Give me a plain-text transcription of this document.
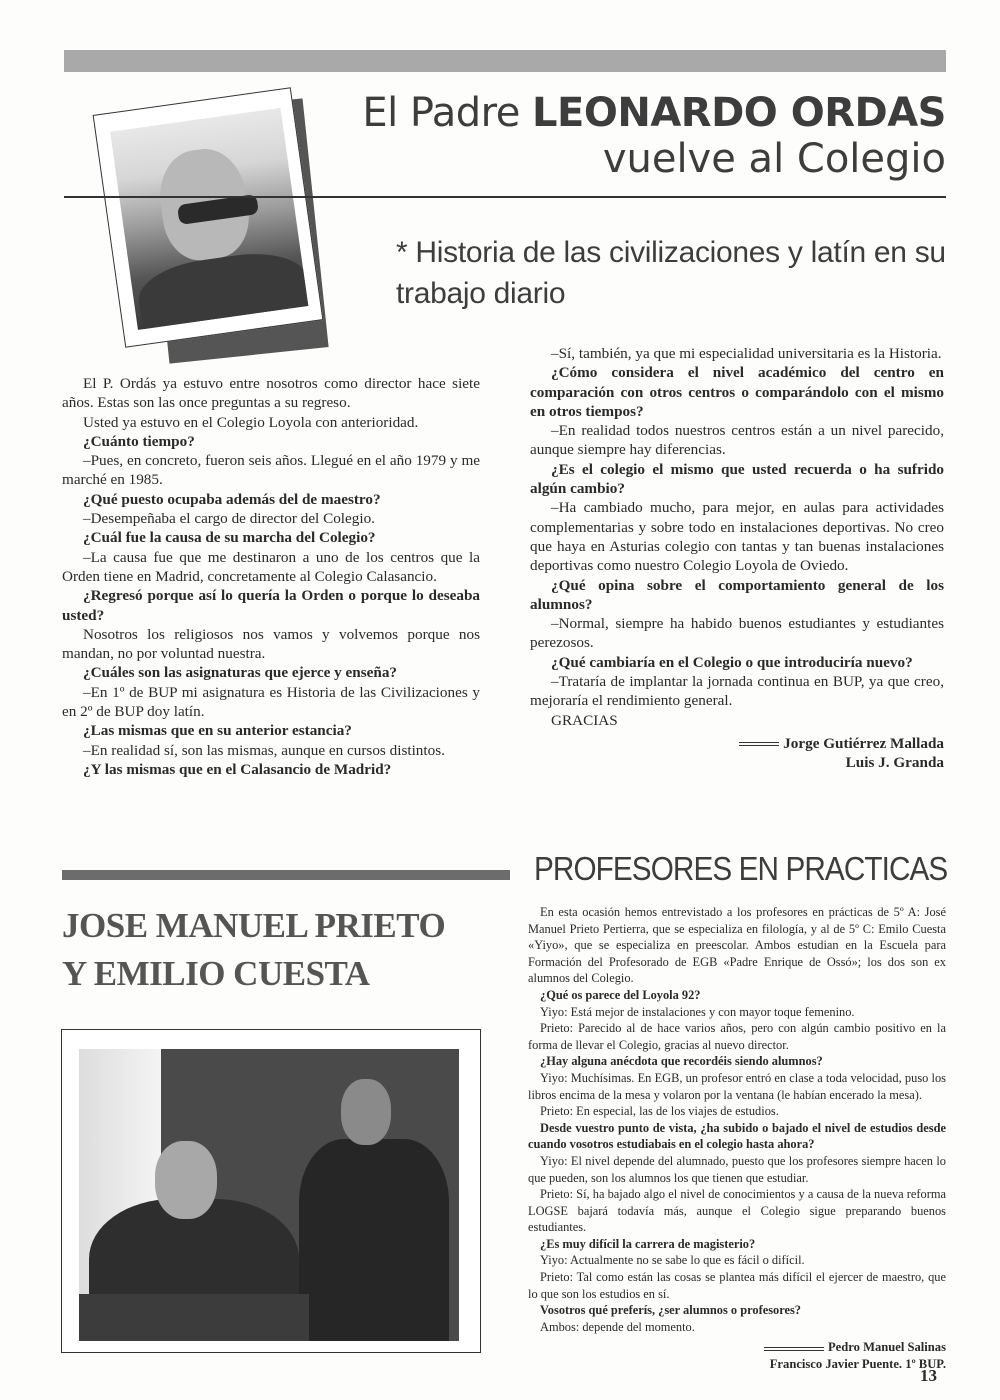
El Padre LEONARDO ORDAS
vuelve al Colegio
* Historia de las civilizaciones y latín en su trabajo diario

El P. Ordás ya estuvo entre nosotros como director hace siete años. Estas son las once preguntas a su regreso.

Usted ya estuvo en el Colegio Loyola con anterioridad.

¿Cuánto tiempo?

–Pues, en concreto, fueron seis años. Llegué en el año 1979 y me marché en 1985.

¿Qué puesto ocupaba además del de maestro?

–Desempeñaba el cargo de director del Colegio.

¿Cuál fue la causa de su marcha del Colegio?

–La causa fue que me destinaron a uno de los centros que la Orden tiene en Madrid, concretamente al Colegio Calasancio.

¿Regresó porque así lo quería la Orden o porque lo deseaba usted?

Nosotros los religiosos nos vamos y volvemos porque nos mandan, no por voluntad nuestra.

¿Cuáles son las asignaturas que ejerce y enseña?

–En 1º de BUP mi asignatura es Historia de las Civilizaciones y en 2º de BUP doy latín.

¿Las mismas que en su anterior estancia?

–En realidad sí, son las mismas, aunque en cursos distintos.

¿Y las mismas que en el Calasancio de Madrid?

–Sí, también, ya que mi especialidad universitaria es la Historia.

¿Cómo considera el nivel académico del centro en comparación con otros centros o comparándolo con el mismo en otros tiempos?

–En realidad todos nuestros centros están a un nivel parecido, aunque siempre hay diferencias.

¿Es el colegio el mismo que usted recuerda o ha sufrido algún cambio?

–Ha cambiado mucho, para mejor, en aulas para actividades complementarias y sobre todo en instalaciones deportivas. No creo que haya en Asturias colegio con tantas y tan buenas instalaciones deportivas como nuestro Colegio Loyola de Oviedo.

¿Qué opina sobre el comportamiento general de los alumnos?

–Normal, siempre ha habido buenos estudiantes y estudiantes perezosos.

¿Qué cambiaría en el Colegio o que introduciría nuevo?

–Trataría de implantar la jornada continua en BUP, ya que creo, mejoraría el rendimiento general.

GRACIAS

Jorge Gutiérrez Mallada

Luis J. Granda

JOSE MANUEL PRIETO
Y EMILIO CUESTA
PROFESORES EN PRACTICAS

En esta ocasión hemos entrevistado a los profesores en prácticas de 5º A: José Manuel Prieto Pertierra, que se especializa en filología, y al de 5º C: Emilo Cuesta «Yiyo», que se especializa en preescolar. Ambos estudian en la Escuela para Formación del Profesorado de EGB «Padre Enrique de Ossó»; los dos son ex alumnos del Colegio.

¿Qué os parece del Loyola 92?

Yiyo: Está mejor de instalaciones y con mayor toque femenino.

Prieto: Parecido al de hace varios años, pero con algún cambio positivo en la forma de llevar el Colegio, gracias al nuevo director.

¿Hay alguna anécdota que recordéis siendo alumnos?

Yiyo: Muchísimas. En EGB, un profesor entró en clase a toda velocidad, puso los libros encima de la mesa y volaron por la ventana (le habían encerado la mesa).

Prieto: En especial, las de los viajes de estudios.

Desde vuestro punto de vista, ¿ha subido o bajado el nivel de estudios desde cuando vosotros estudiabais en el colegio hasta ahora?

Yiyo: El nivel depende del alumnado, puesto que los profesores siempre hacen lo que pueden, son los alumnos los que tienen que estudiar.

Prieto: Sí, ha bajado algo el nivel de conocimientos y a causa de la nueva reforma LOGSE bajará todavía más, aunque el Colegio sigue preparando buenos estudiantes.

¿Es muy difícil la carrera de magisterio?

Yiyo: Actualmente no se sabe lo que es fácil o difícil.

Prieto: Tal como están las cosas se plantea más difícil el ejercer de maestro, que lo que son los estudios en sí.

Vosotros qué preferís, ¿ser alumnos o profesores?

Ambos: depende del momento.

Pedro Manuel Salinas

Francisco Javier Puente. 1º BUP.

13
